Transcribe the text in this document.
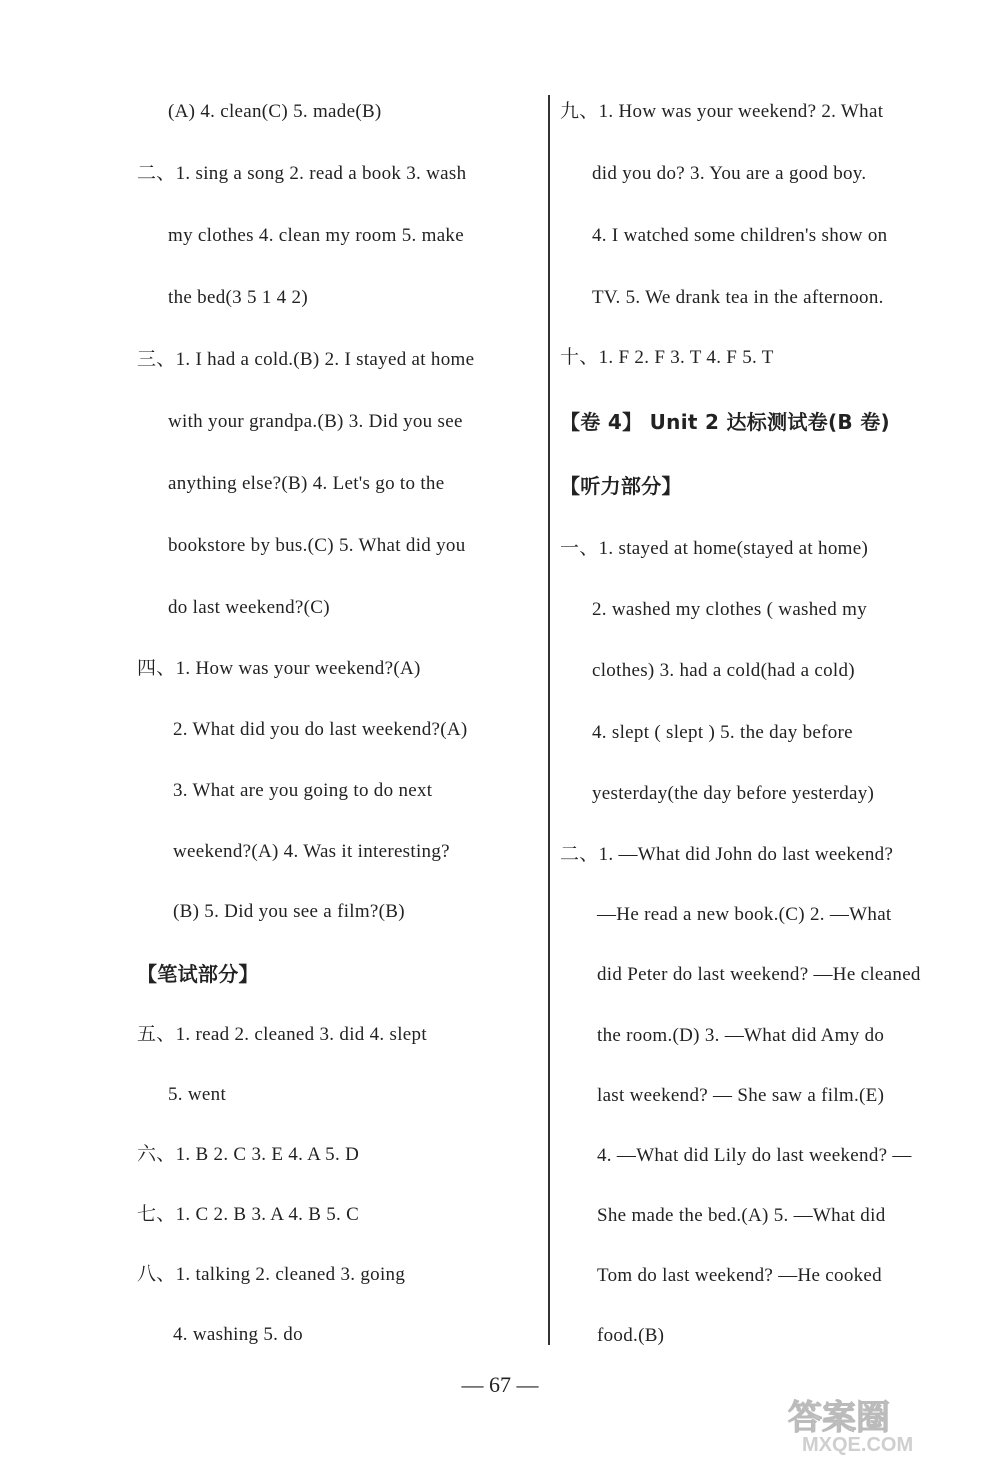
(A) 4. clean(C) 5. made(B)
二、1. sing a song 2. read a book 3. wash
my clothes 4. clean my room 5. make
the bed(3 5 1 4 2)
三、1. I had a cold.(B) 2. I stayed at home
with your grandpa.(B) 3. Did you see
anything else?(B) 4. Let's go to the
bookstore by bus.(C) 5. What did you
do last weekend?(C)
四、1. How was your weekend?(A)
2. What did you do last weekend?(A)
3. What are you going to do next
weekend?(A) 4. Was it interesting?
(B) 5. Did you see a film?(B)
【笔试部分】
五、1. read 2. cleaned 3. did 4. slept
5. went
六、1. B 2. C 3. E 4. A 5. D
七、1. C 2. B 3. A 4. B 5. C
八、1. talking 2. cleaned 3. going
4. washing 5. do
九、1. How was your weekend? 2. What
did you do? 3. You are a good boy.
4. I watched some children's show on
TV. 5. We drank tea in the afternoon.
十、1. F 2. F 3. T 4. F 5. T
【卷 4】 Unit 2 达标测试卷(B 卷)
【听力部分】
一、1. stayed at home(stayed at home)
2. washed my clothes ( washed my
clothes) 3. had a cold(had a cold)
4. slept ( slept ) 5. the day before
yesterday(the day before yesterday)
二、1. —What did John do last weekend?
—He read a new book.(C) 2. —What
did Peter do last weekend? —He cleaned
the room.(D) 3. —What did Amy do
last weekend? — She saw a film.(E)
4. —What did Lily do last weekend? —
She made the bed.(A) 5. —What did
Tom do last weekend? —He cooked
food.(B)
— 67 —
答案圈
MXQE.COM
